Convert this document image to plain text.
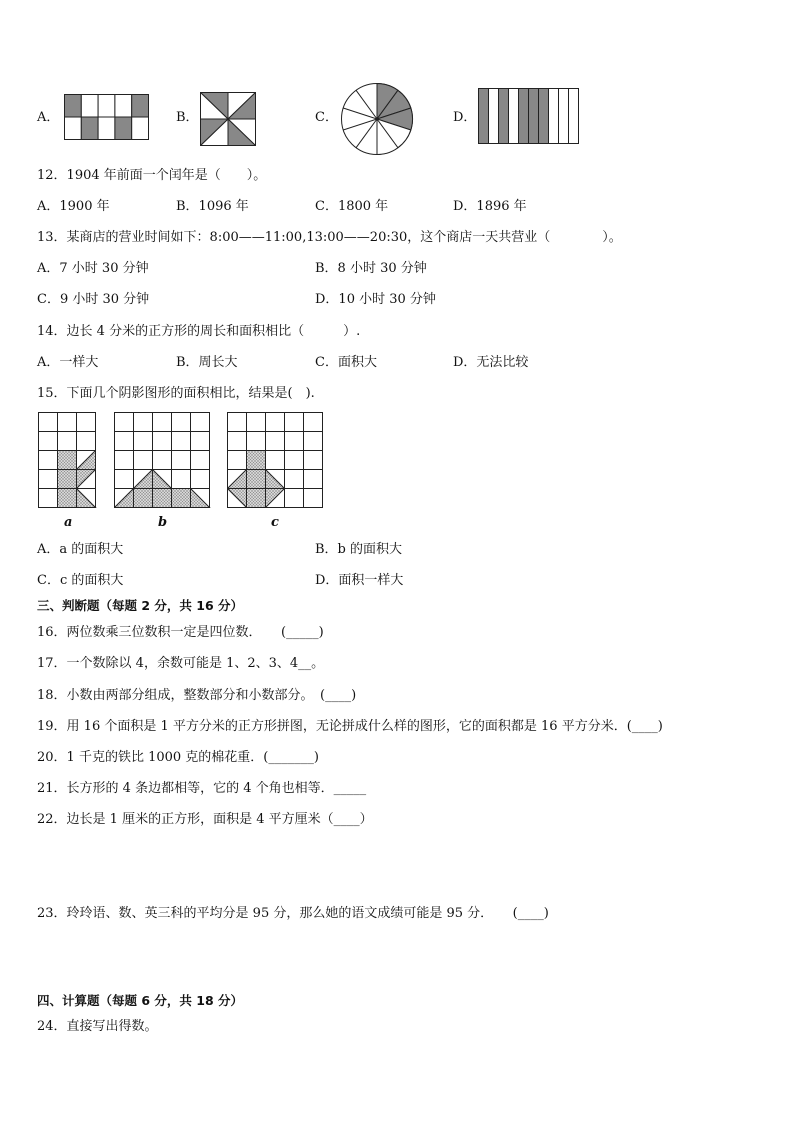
A．	B．	C．	D．
12．1904 年前面一个闰年是（　　）。
A．1900 年	B．1096 年	C．1800 年	D．1896 年
13．某商店的营业时间如下：8:00——11:00,13:00——20:30，这个商店一天共营业（　　　　）。
A．7 小时 30 分钟	B．8 小时 30 分钟
C．9 小时 30 分钟	D．10 小时 30 分钟
14．边长 4 分米的正方形的周长和面积相比（　　　）.
A．一样大	B．周长大	C．面积大	D．无法比较
15．下面几个阴影图形的面积相比，结果是(　).
a	b	c
A．a 的面积大	B．b 的面积大
C．c 的面积大	D．面积一样大
三、判断题（每题 2 分，共 16 分）
16．两位数乘三位数积一定是四位数．　　(_____)
17．一个数除以 4，余数可能是 1、2、3、4__。
18．小数由两部分组成，整数部分和小数部分。　(____)
19．用 16 个面积是 1 平方分米的正方形拼图，无论拼成什么样的图形，它的面积都是 16 平方分米．(____)
20．1 千克的铁比 1000 克的棉花重．(_______)
21．长方形的 4 条边都相等，它的 4 个角也相等．_____
22．边长是 1 厘米的正方形，面积是 4 平方厘米（____）
23．玲玲语、数、英三科的平均分是 95 分，那么她的语文成绩可能是 95 分．　　(____)
四、计算题（每题 6 分，共 18 分）
24．直接写出得数。
